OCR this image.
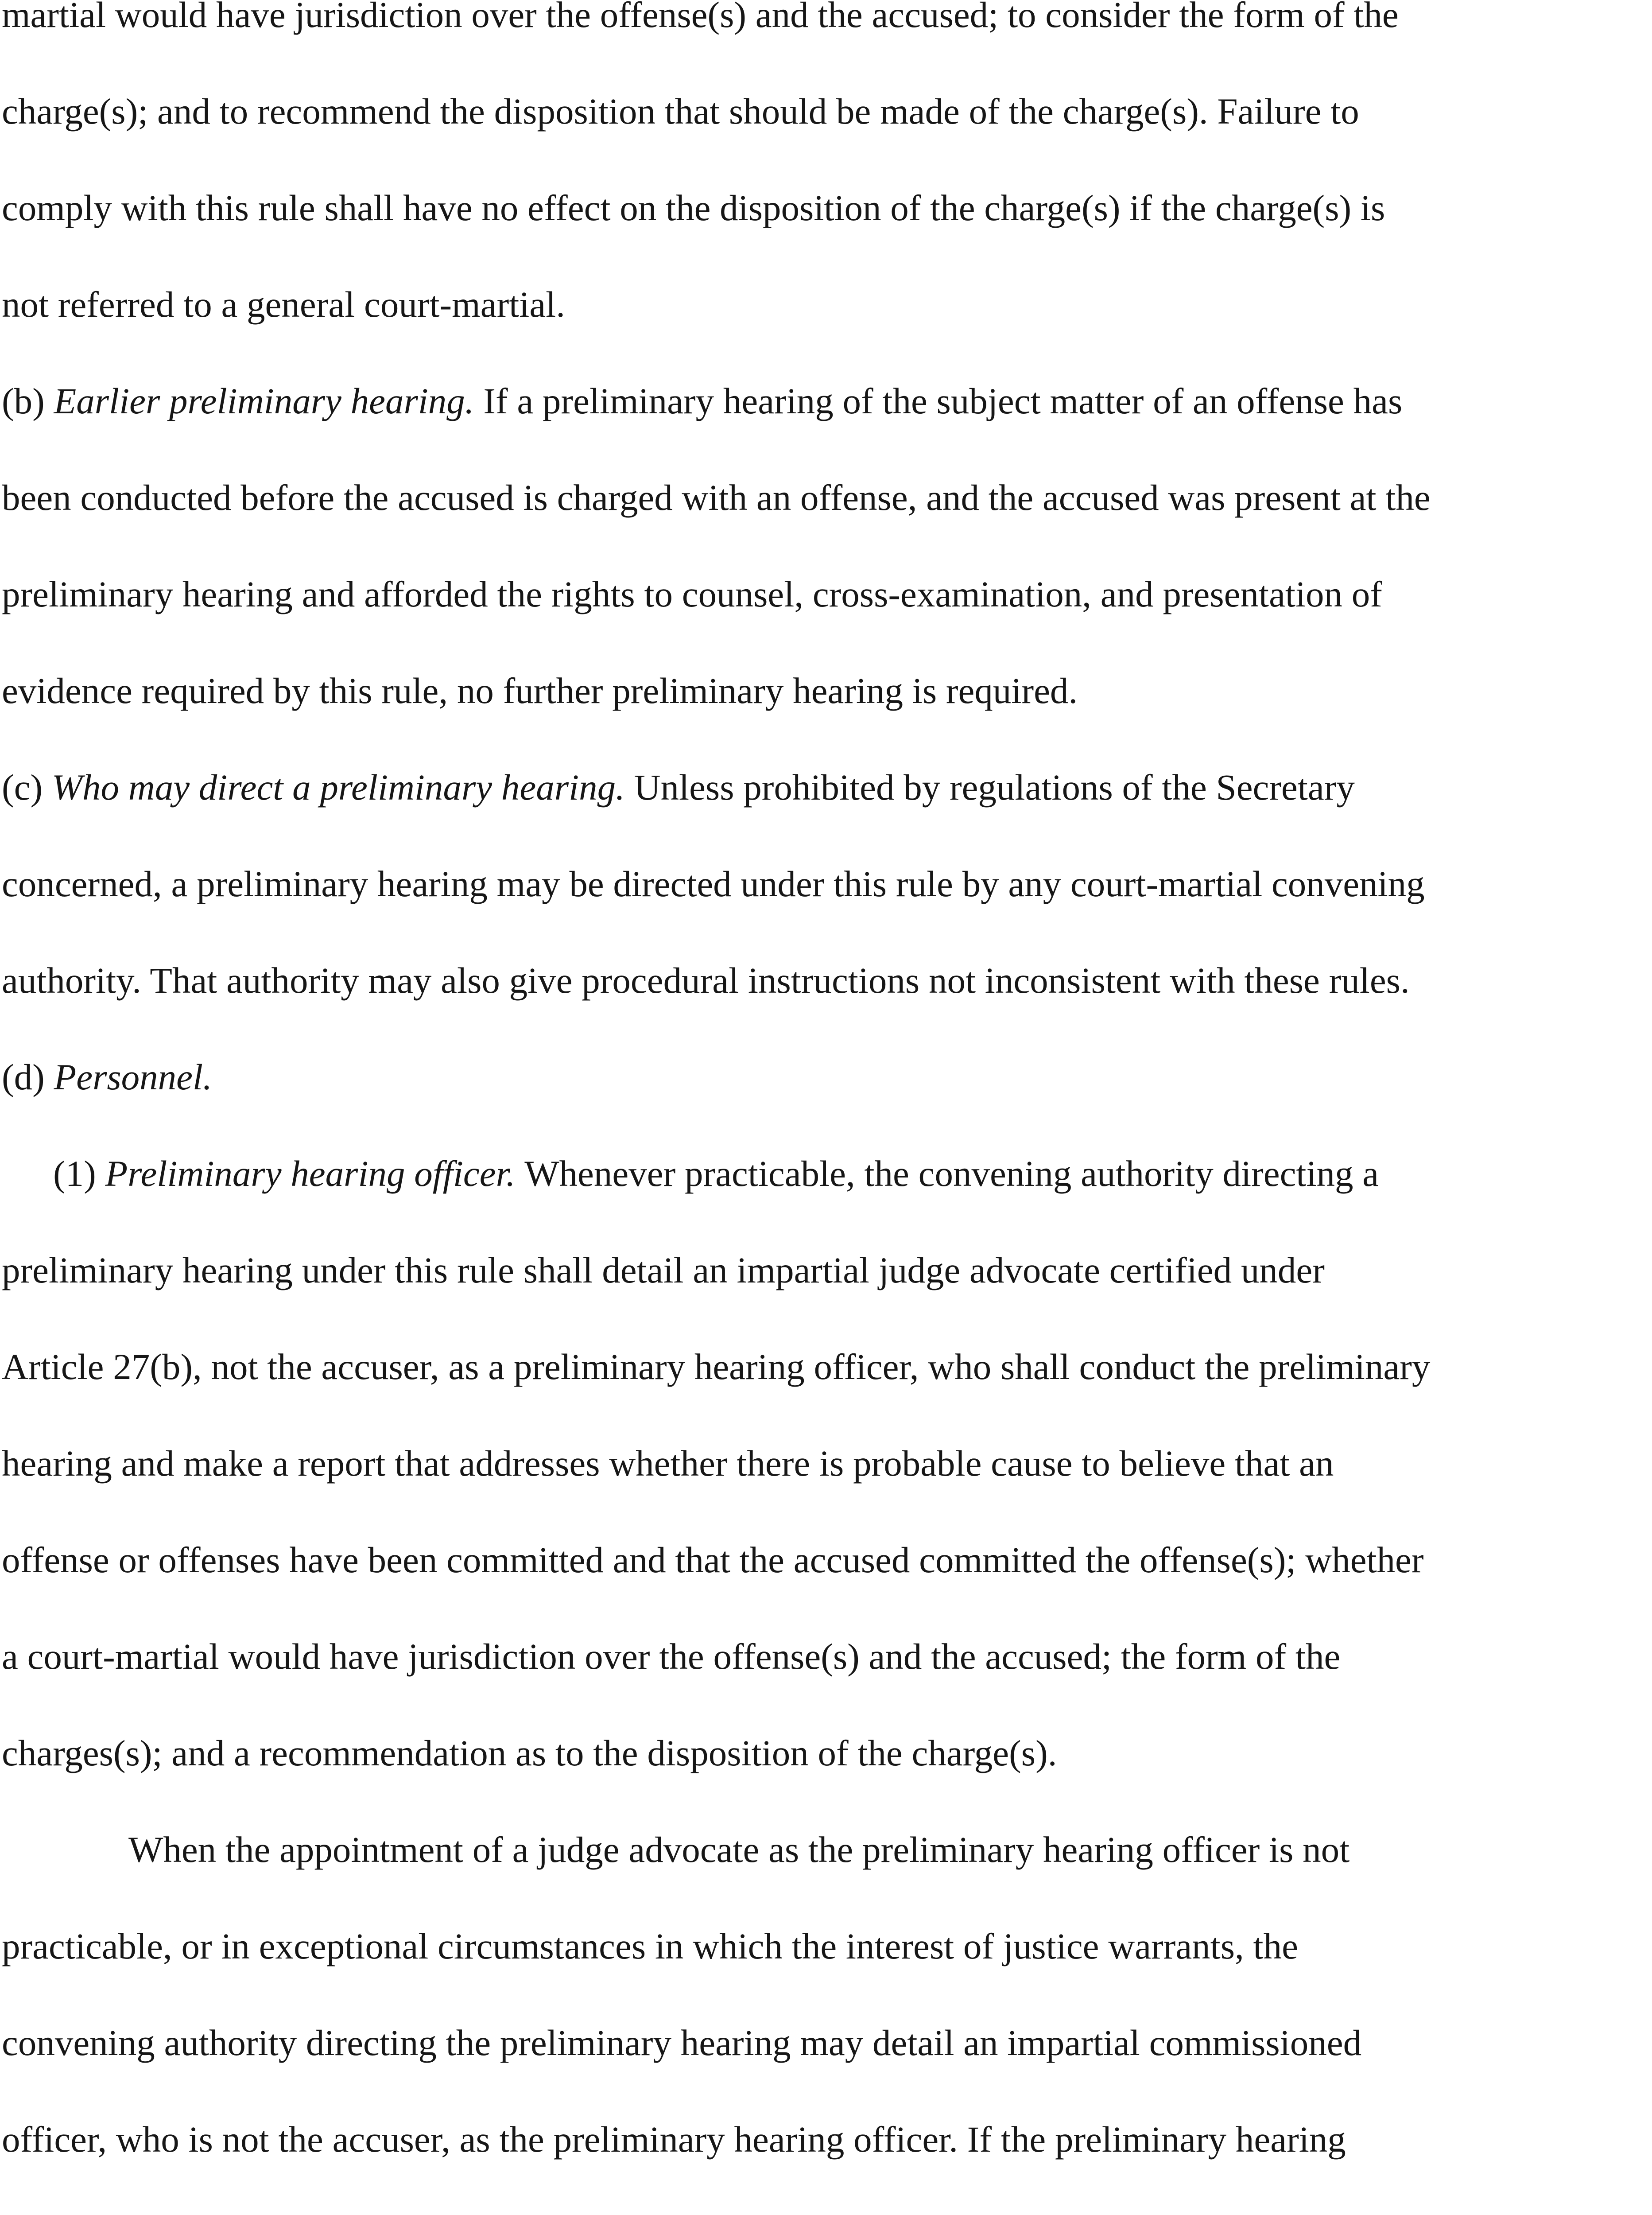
martial would have jurisdiction over the offense(s) and the accused; to consider the form of the
charge(s); and to recommend the disposition that should be made of the charge(s). Failure to
comply with this rule shall have no effect on the disposition of the charge(s) if the charge(s) is
not referred to a general court-martial.
(b)
Earlier preliminary hearing.
If a preliminary hearing of the subject matter of an offense has
been conducted before the accused is charged with an offense, and the accused was present at the
preliminary hearing and afforded the rights to counsel, cross-examination, and presentation of
evidence required by this rule, no further preliminary hearing is required.
(c)
Who may direct a preliminary hearing.
Unless prohibited by regulations of the Secretary
concerned, a preliminary hearing may be directed under this rule by any court-martial convening
authority. That authority may also give procedural instructions not inconsistent with these rules.
(d)
Personnel.
(1)
Preliminary hearing officer.
Whenever practicable, the convening authority directing a
preliminary hearing under this rule shall detail an impartial judge advocate certified under
Article 27(b), not the accuser, as a preliminary hearing officer, who shall conduct the preliminary
hearing and make a report that addresses whether there is probable cause to believe that an
offense or offenses have been committed and that the accused committed the offense(s); whether
a court-martial would have jurisdiction over the offense(s) and the accused; the form of the
charges(s); and a recommendation as to the disposition of the charge(s).
When the appointment of a judge advocate as the preliminary hearing officer is not
practicable, or in exceptional circumstances in which the interest of justice warrants, the
convening authority directing the preliminary hearing may detail an impartial commissioned
officer, who is not the accuser, as the preliminary hearing officer. If the preliminary hearing
